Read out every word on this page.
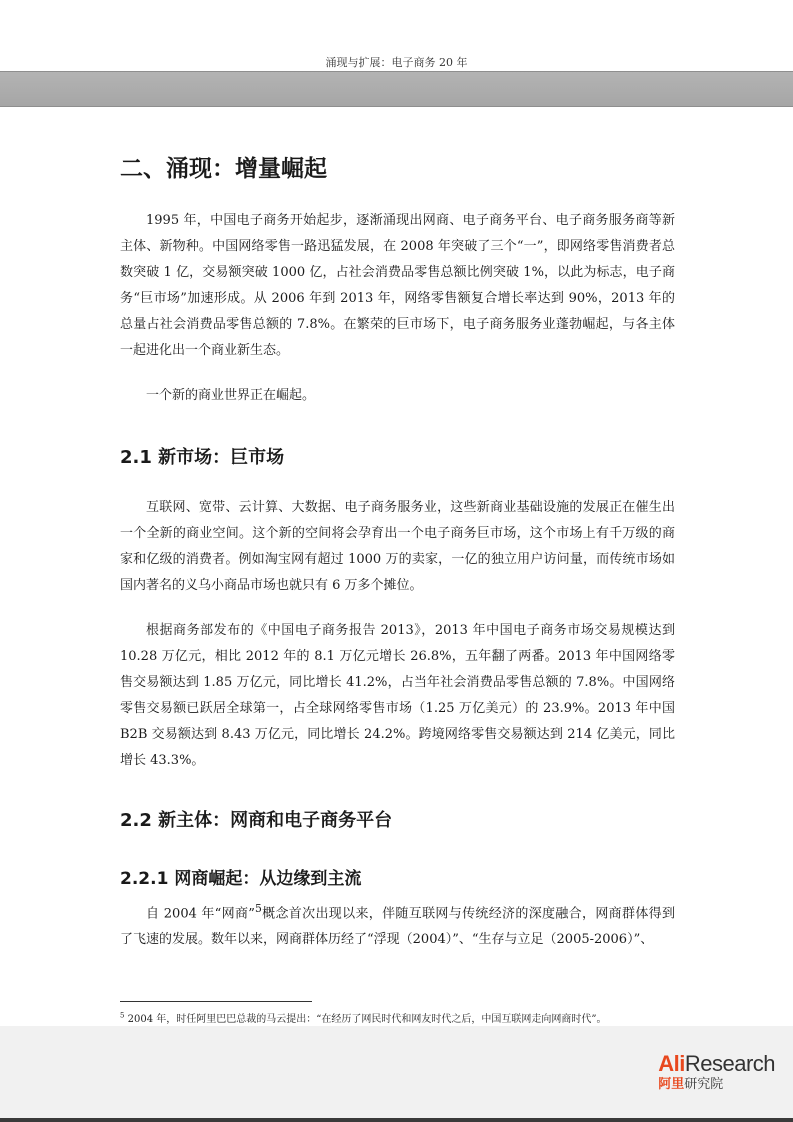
涌现与扩展：电子商务 20 年
二、涌现：增量崛起

1995 年，中国电子商务开始起步，逐渐涌现出网商、电子商务平台、电子商务服务商等新主体、新物种。中国网络零售一路迅猛发展，在 2008 年突破了三个“一”，即网络零售消费者总数突破 1 亿，交易额突破 1000 亿，占社会消费品零售总额比例突破 1%，以此为标志，电子商务“巨市场”加速形成。从 2006 年到 2013 年，网络零售额复合增长率达到 90%，2013 年的总量占社会消费品零售总额的 7.8%。在繁荣的巨市场下，电子商务服务业蓬勃崛起，与各主体一起进化出一个商业新生态。

一个新的商业世界正在崛起。

2.1 新市场：巨市场

互联网、宽带、云计算、大数据、电子商务服务业，这些新商业基础设施的发展正在催生出一个全新的商业空间。这个新的空间将会孕育出一个电子商务巨市场，这个市场上有千万级的商家和亿级的消费者。例如淘宝网有超过 1000 万的卖家，一亿的独立用户访问量，而传统市场如国内著名的义乌小商品市场也就只有 6 万多个摊位。

根据商务部发布的《中国电子商务报告 2013》，2013 年中国电子商务市场交易规模达到 10.28 万亿元，相比 2012 年的 8.1 万亿元增长 26.8%，五年翻了两番。2013 年中国网络零售交易额达到 1.85 万亿元，同比增长 41.2%，占当年社会消费品零售总额的 7.8%。中国网络零售交易额已跃居全球第一，占全球网络零售市场（1.25 万亿美元）的 23.9%。2013 年中国 B2B 交易额达到 8.43 万亿元，同比增长 24.2%。跨境网络零售交易额达到 214 亿美元，同比增长 43.3%。

2.2 新主体：网商和电子商务平台
2.2.1 网商崛起：从边缘到主流

自 2004 年“网商”$^5$概念首次出现以来，伴随互联网与传统经济的深度融合，网商群体得到了飞速的发展。数年以来，网商群体历经了“浮现（2004）”、“生存与立足（2005-2006）”、

$^5$ 2004 年，时任阿里巴巴总裁的马云提出：“在经历了网民时代和网友时代之后，中国互联网走向网商时代”。

AliResearch
阿里研究院
